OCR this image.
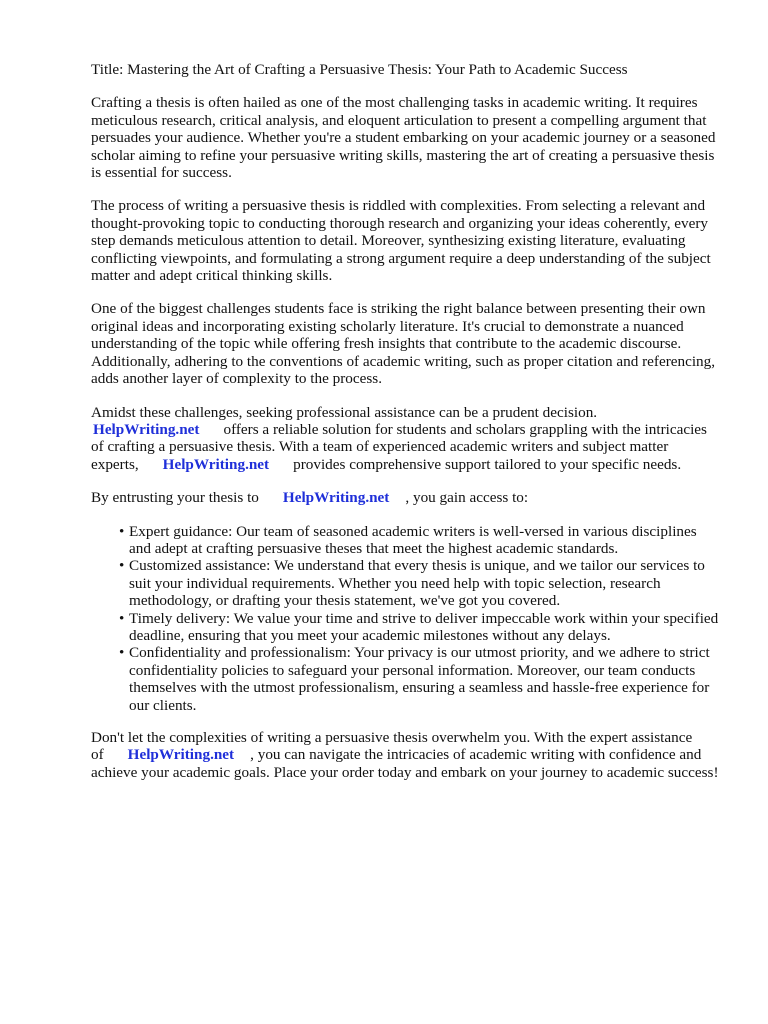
Title: Mastering the Art of Crafting a Persuasive Thesis: Your Path to Academic Success

Crafting a thesis is often hailed as one of the most challenging tasks in academic writing. It requires meticulous research, critical analysis, and eloquent articulation to present a compelling argument that persuades your audience. Whether you're a student embarking on your academic journey or a seasoned scholar aiming to refine your persuasive writing skills, mastering the art of creating a persuasive thesis is essential for success.

The process of writing a persuasive thesis is riddled with complexities. From selecting a relevant and thought-provoking topic to conducting thorough research and organizing your ideas coherently, every step demands meticulous attention to detail. Moreover, synthesizing existing literature, evaluating conflicting viewpoints, and formulating a strong argument require a deep understanding of the subject matter and adept critical thinking skills.

One of the biggest challenges students face is striking the right balance between presenting their own original ideas and incorporating existing scholarly literature. It's crucial to demonstrate a nuanced understanding of the topic while offering fresh insights that contribute to the academic discourse. Additionally, adhering to the conventions of academic writing, such as proper citation and referencing, adds another layer of complexity to the process.

Amidst these challenges, seeking professional assistance can be a prudent decision.
HelpWriting.net offers a reliable solution for students and scholars grappling with the intricacies of crafting a persuasive thesis. With a team of experienced academic writers and subject matter experts, HelpWriting.net provides comprehensive support tailored to your specific needs.

By entrusting your thesis to HelpWriting.net , you gain access to:

• Expert guidance: Our team of seasoned academic writers is well-versed in various disciplines and adept at crafting persuasive theses that meet the highest academic standards.
• Customized assistance: We understand that every thesis is unique, and we tailor our services to suit your individual requirements. Whether you need help with topic selection, research methodology, or drafting your thesis statement, we've got you covered.
• Timely delivery: We value your time and strive to deliver impeccable work within your specified deadline, ensuring that you meet your academic milestones without any delays.
• Confidentiality and professionalism: Your privacy is our utmost priority, and we adhere to strict confidentiality policies to safeguard your personal information. Moreover, our team conducts themselves with the utmost professionalism, ensuring a seamless and hassle-free experience for our clients.

Don't let the complexities of writing a persuasive thesis overwhelm you. With the expert assistance of HelpWriting.net , you can navigate the intricacies of academic writing with confidence and achieve your academic goals. Place your order today and embark on your journey to academic success!
